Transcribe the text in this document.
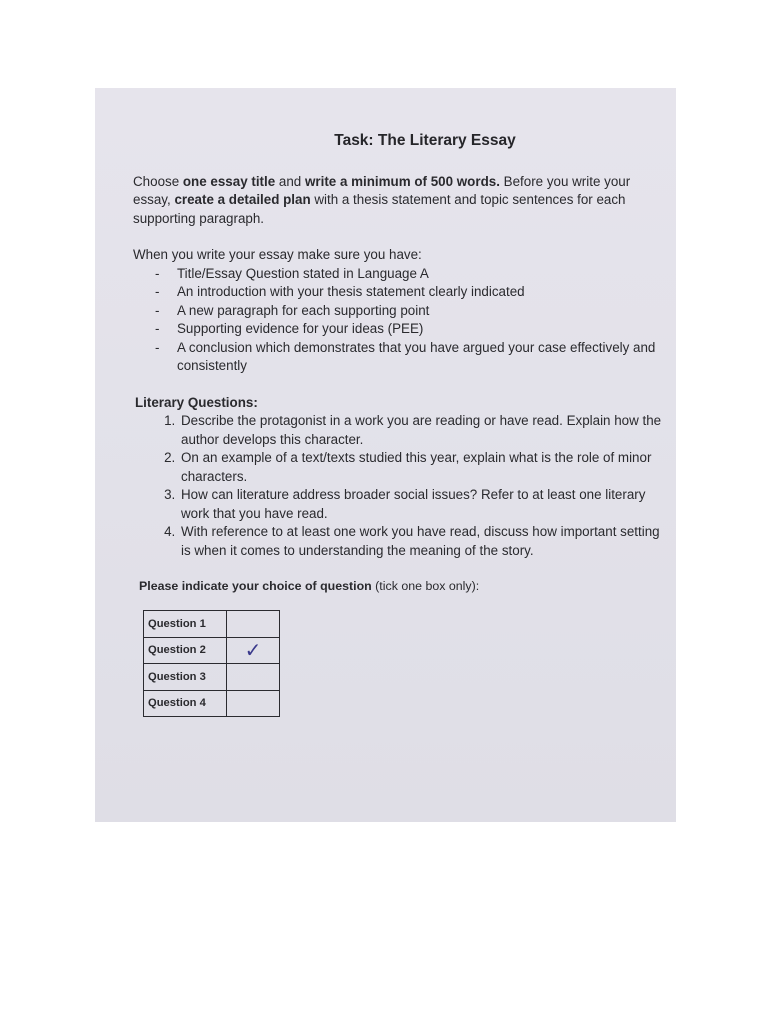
Task: The Literary Essay

Choose one essay title and write a minimum of 500 words. Before you write your essay, create a detailed plan with a thesis statement and topic sentences for each supporting paragraph.

When you write your essay make sure you have:

- Title/Essay Question stated in Language A
- An introduction with your thesis statement clearly indicated
- A new paragraph for each supporting point
- Supporting evidence for your ideas (PEE)
- A conclusion which demonstrates that you have argued your case effectively and consistently

Literary Questions:

1. Describe the protagonist in a work you are reading or have read. Explain how the author develops this character.
2. On an example of a text/texts studied this year, explain what is the role of minor characters.
3. How can literature address broader social issues? Refer to at least one literary work that you have read.
4. With reference to at least one work you have read, discuss how important setting is when it comes to understanding the meaning of the story.

Please indicate your choice of question (tick one box only):

Question 1	
Question 2	✓
Question 3	
Question 4	
